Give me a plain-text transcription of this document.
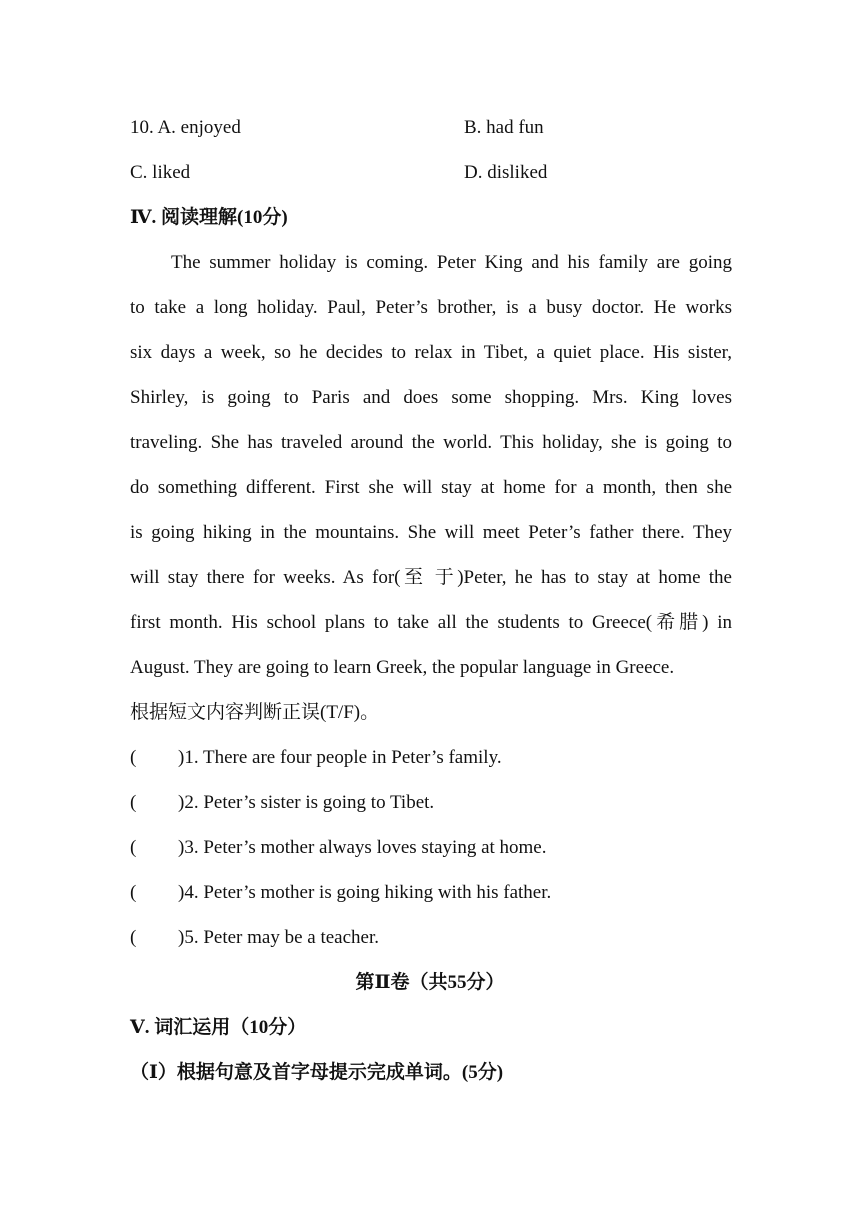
10. A. enjoyed	B. had fun
C. liked	D. disliked
Ⅳ. 阅读理解(10分)
The summer holiday is coming. Peter King and his family are going
to take a long holiday. Paul, Peter’s brother, is a busy doctor. He works
six days a week, so he decides to relax in Tibet, a quiet place. His sister,
Shirley, is going to Paris and does some shopping. Mrs. King loves
traveling. She has traveled around the world. This holiday, she is going to
do something different. First she will stay at home for a month, then she
is going hiking in the mountains. She will meet Peter’s father there. They
will stay there for weeks. As for(至 于)Peter, he has to stay at home the
first month. His school plans to take all the students to Greece(希腊) in
August. They are going to learn Greek, the popular language in Greece.
根据短文内容判断正误(T/F)。
( )1. There are four people in Peter’s family.
( )2. Peter’s sister is going to Tibet.
( )3. Peter’s mother always loves staying at home.
( )4. Peter’s mother is going hiking with his father.
( )5. Peter may be a teacher.
第Ⅱ卷（共55分）
Ⅴ. 词汇运用（10分）
（Ⅰ）根据句意及首字母提示完成单词。(5分)
